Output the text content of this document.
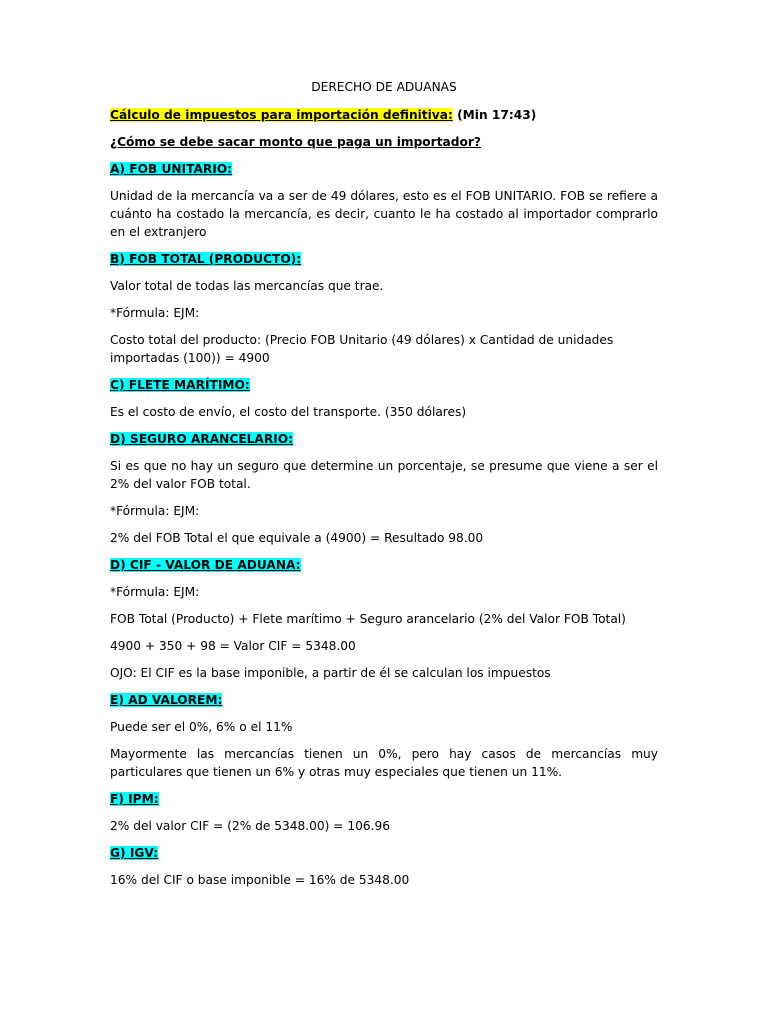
DERECHO DE ADUANAS

Cálculo de impuestos para importación definitiva: (Min 17:43)

¿Cómo se debe sacar monto que paga un importador?

A) FOB UNITARIO:

Unidad de la mercancía va a ser de 49 dólares, esto es el FOB UNITARIO. FOB se refiere a cuánto ha costado la mercancía, es decir, cuanto le ha costado al importador comprarlo en el extranjero

B) FOB TOTAL (PRODUCTO):

Valor total de todas las mercancías que trae.

*Fórmula: EJM:

Costo total del producto: (Precio FOB Unitario (49 dólares) x Cantidad de unidades importadas (100)) = 4900

C) FLETE MARÍTIMO:

Es el costo de envío, el costo del transporte. (350 dólares)

D) SEGURO ARANCELARIO:

Si es que no hay un seguro que determine un porcentaje, se presume que viene a ser el 2% del valor FOB total.

*Fórmula: EJM:

2% del FOB Total el que equivale a (4900) = Resultado 98.00

D) CIF - VALOR DE ADUANA:

*Fórmula: EJM:

FOB Total (Producto) + Flete marítimo + Seguro arancelario (2% del Valor FOB Total)

4900 + 350 + 98 = Valor CIF = 5348.00

OJO: El CIF es la base imponible, a partir de él se calculan los impuestos

E) AD VALOREM:

Puede ser el 0%, 6% o el 11%

Mayormente las mercancías tienen un 0%, pero hay casos de mercancías muy particulares que tienen un 6% y otras muy especiales que tienen un 11%.

F) IPM:

2% del valor CIF = (2% de 5348.00) = 106.96

G) IGV:

16% del CIF o base imponible = 16% de 5348.00
